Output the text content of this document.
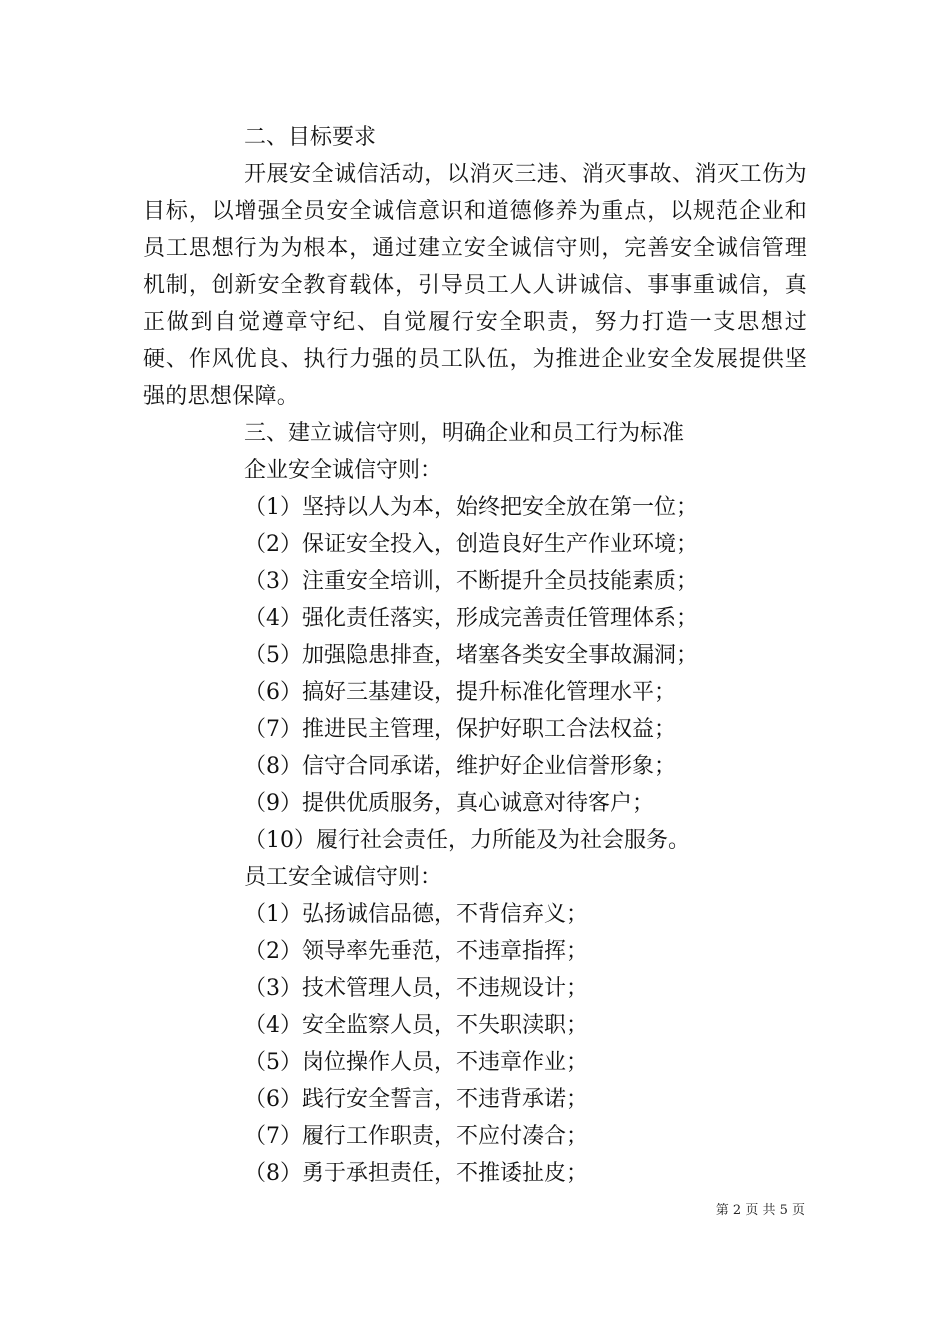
二、目标要求
开展安全诚信活动，以消灭三违、消灭事故、消灭工伤为目标，以增强全员安全诚信意识和道德修养为重点，以规范企业和员工思想行为为根本，通过建立安全诚信守则，完善安全诚信管理机制，创新安全教育载体，引导员工人人讲诚信、事事重诚信，真正做到自觉遵章守纪、自觉履行安全职责，努力打造一支思想过硬、作风优良、执行力强的员工队伍，为推进企业安全发展提供坚强的思想保障。
三、建立诚信守则，明确企业和员工行为标准
企业安全诚信守则：
（1）坚持以人为本，始终把安全放在第一位；
（2）保证安全投入，创造良好生产作业环境；
（3）注重安全培训，不断提升全员技能素质；
（4）强化责任落实，形成完善责任管理体系；
（5）加强隐患排查，堵塞各类安全事故漏洞；
（6）搞好三基建设，提升标准化管理水平；
（7）推进民主管理，保护好职工合法权益；
（8）信守合同承诺，维护好企业信誉形象；
（9）提供优质服务，真心诚意对待客户；
（10）履行社会责任，力所能及为社会服务。
员工安全诚信守则：
（1）弘扬诚信品德，不背信弃义；
（2）领导率先垂范，不违章指挥；
（3）技术管理人员，不违规设计；
（4）安全监察人员，不失职渎职；
（5）岗位操作人员，不违章作业；
（6）践行安全誓言，不违背承诺；
（7）履行工作职责，不应付凑合；
（8）勇于承担责任，不推诿扯皮；
第 2 页 共 5 页
